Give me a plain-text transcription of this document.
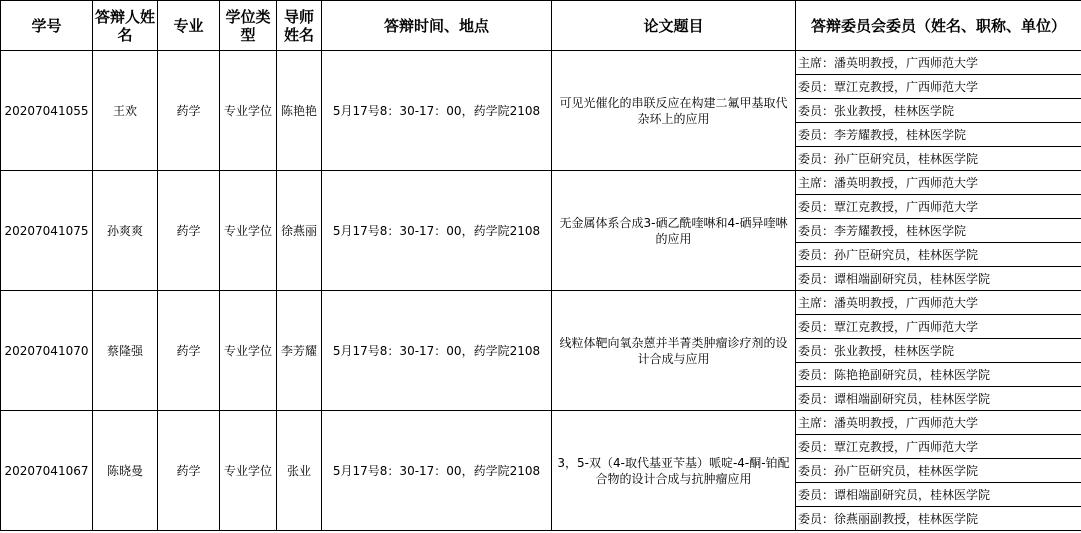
学号	答辩人姓名	专业	学位类型	导师姓名	答辩时间、地点	论文题目	答辩委员会委员（姓名、职称、单位）
20207041055	王欢	药学	专业学位	陈艳艳	5月17号8：30-17：00，药学院2108	可见光催化的串联反应在构建二氟甲基取代杂环上的应用	主席：潘英明教授，广西师范大学
							委员：覃江克教授，广西师范大学
							委员：张业教授，桂林医学院
							委员：李芳耀教授，桂林医学院
							委员：孙广臣研究员，桂林医学院
20207041075	孙爽爽	药学	专业学位	徐燕丽	5月17号8：30-17：00，药学院2108	无金属体系合成3-硒乙酰喹啉和4-硒异喹啉的应用	主席：潘英明教授，广西师范大学
							委员：覃江克教授，广西师范大学
							委员：李芳耀教授，桂林医学院
							委员：孙广臣研究员，桂林医学院
							委员：谭相端副研究员，桂林医学院
20207041070	蔡隆强	药学	专业学位	李芳耀	5月17号8：30-17：00，药学院2108	线粒体靶向氧杂蒽并半菁类肿瘤诊疗剂的设计合成与应用	主席：潘英明教授，广西师范大学
							委员：覃江克教授，广西师范大学
							委员：张业教授，桂林医学院
							委员：陈艳艳副研究员，桂林医学院
							委员：谭相端副研究员，桂林医学院
20207041067	陈晓曼	药学	专业学位	张业	5月17号8：30-17：00，药学院2108	3，5-双（4-取代基亚苄基）哌啶-4-酮-铂配合物的设计合成与抗肿瘤应用	主席：潘英明教授，广西师范大学
							委员：覃江克教授，广西师范大学
							委员：孙广臣研究员，桂林医学院
							委员：谭相端副研究员，桂林医学院
							委员：徐燕丽副教授，桂林医学院
